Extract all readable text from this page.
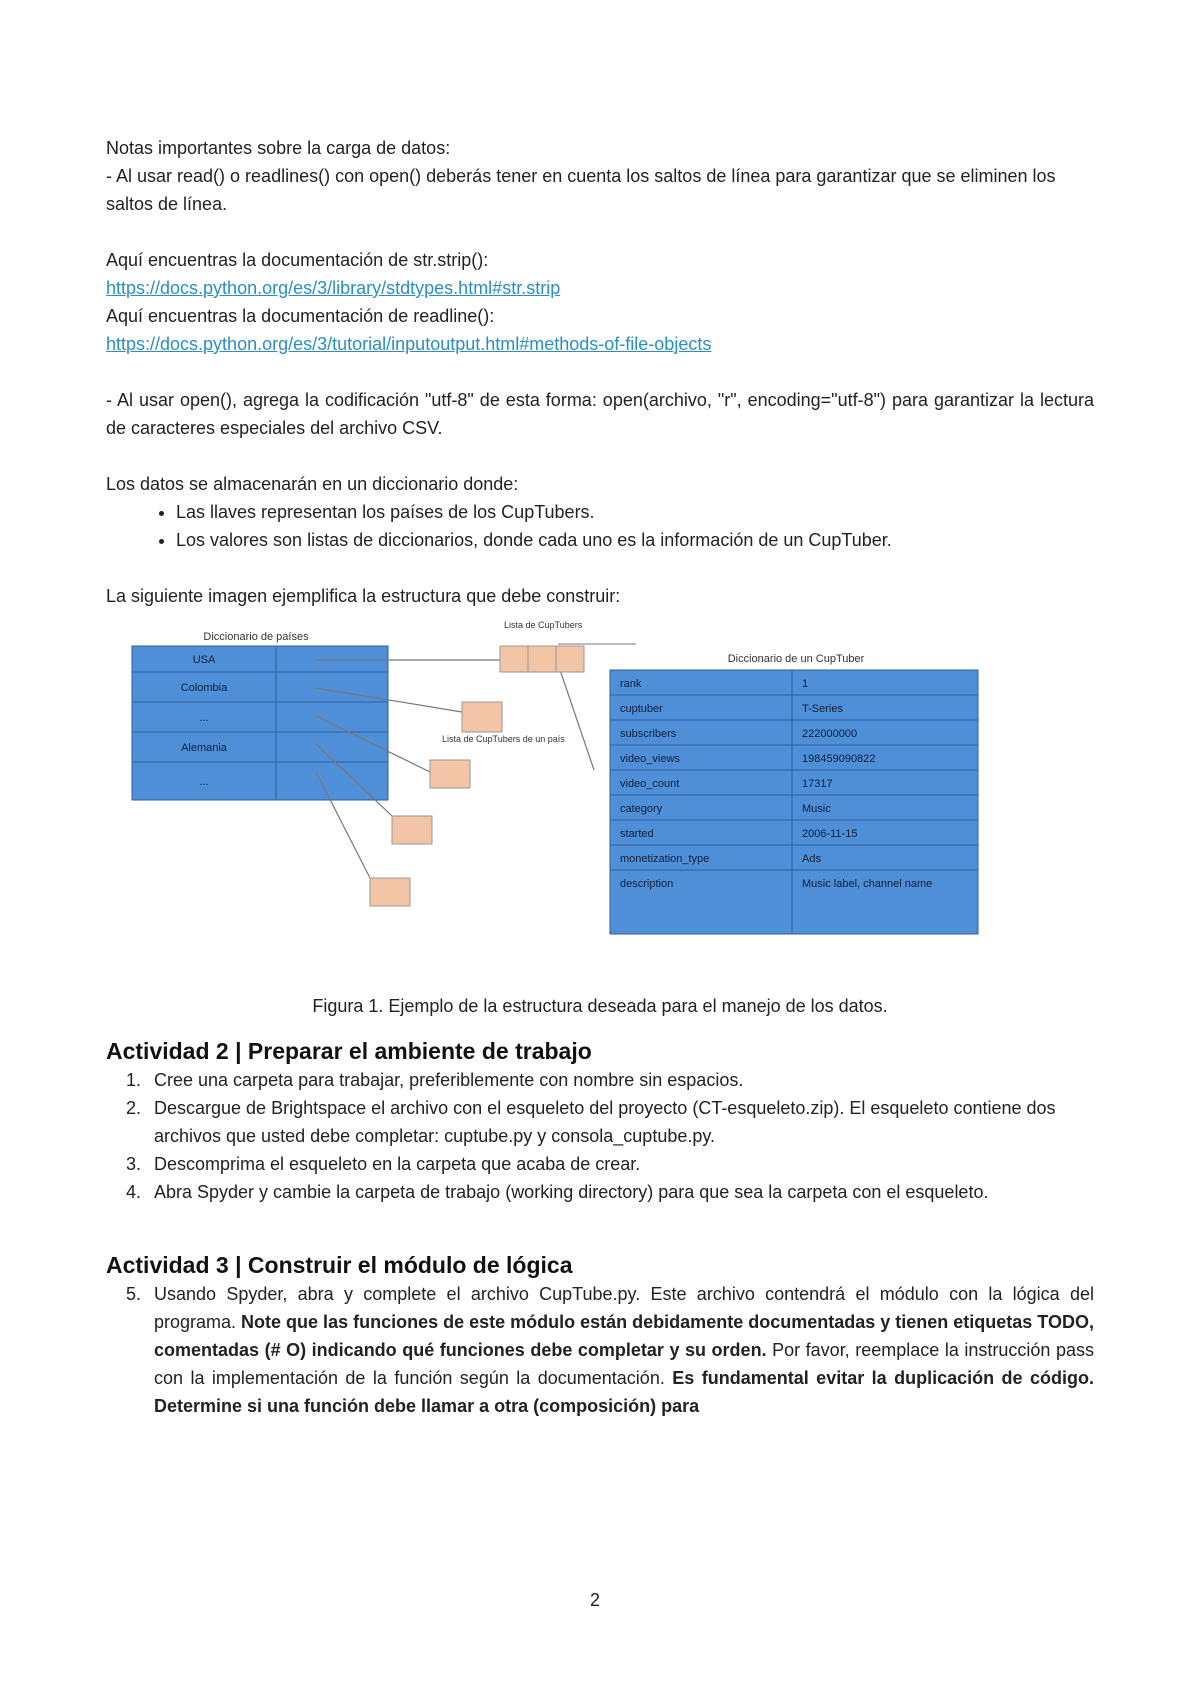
Notas importantes sobre la carga de datos:

- Al usar read() o readlines() con open() deberás tener en cuenta los saltos de línea para garantizar que se eliminen los saltos de línea.

Aquí encuentras la documentación de str.strip():

https://docs.python.org/es/3/library/stdtypes.html#str.strip

Aquí encuentras la documentación de readline():

https://docs.python.org/es/3/tutorial/inputoutput.html#methods-of-file-objects

- Al usar open(), agrega la codificación "utf-8" de esta forma: open(archivo, "r", encoding="utf-8") para garantizar la lectura de caracteres especiales del archivo CSV.

Los datos se almacenarán en un diccionario donde:

• Las llaves representan los países de los CupTubers.
• Los valores son listas de diccionarios, donde cada uno es la información de un CupTuber.

La siguiente imagen ejemplifica la estructura que debe construir:

Diccionario de países
USA
Colombia
...
Alemania
...
Lista de CupTubers
Lista de CupTubers de un país
Diccionario de un CupTuber
rank	1
cuptuber	T-Series
subscribers	222000000
video_views	198459090822
video_count	17317
category	Music
started	2006-11-15
monetization_type	Ads
description	Music label, channel name

Figura 1. Ejemplo de la estructura deseada para el manejo de los datos.

Actividad 2 | Preparar el ambiente de trabajo
1. Cree una carpeta para trabajar, preferiblemente con nombre sin espacios.
2. Descargue de Brightspace el archivo con el esqueleto del proyecto (CT-esqueleto.zip). El esqueleto contiene dos archivos que usted debe completar: cuptube.py y consola_cuptube.py.
3. Descomprima el esqueleto en la carpeta que acaba de crear.
4. Abra Spyder y cambie la carpeta de trabajo (working directory) para que sea la carpeta con el esqueleto.
Actividad 3 | Construir el módulo de lógica
5. Usando Spyder, abra y complete el archivo CupTube.py. Este archivo contendrá el módulo con la lógica del programa. Note que las funciones de este módulo están debidamente documentadas y tienen etiquetas TODO, comentadas (# O) indicando qué funciones debe completar y su orden. Por favor, reemplace la instrucción pass con la implementación de la función según la documentación. Es fundamental evitar la duplicación de código. Determine si una función debe llamar a otra (composición) para
2
